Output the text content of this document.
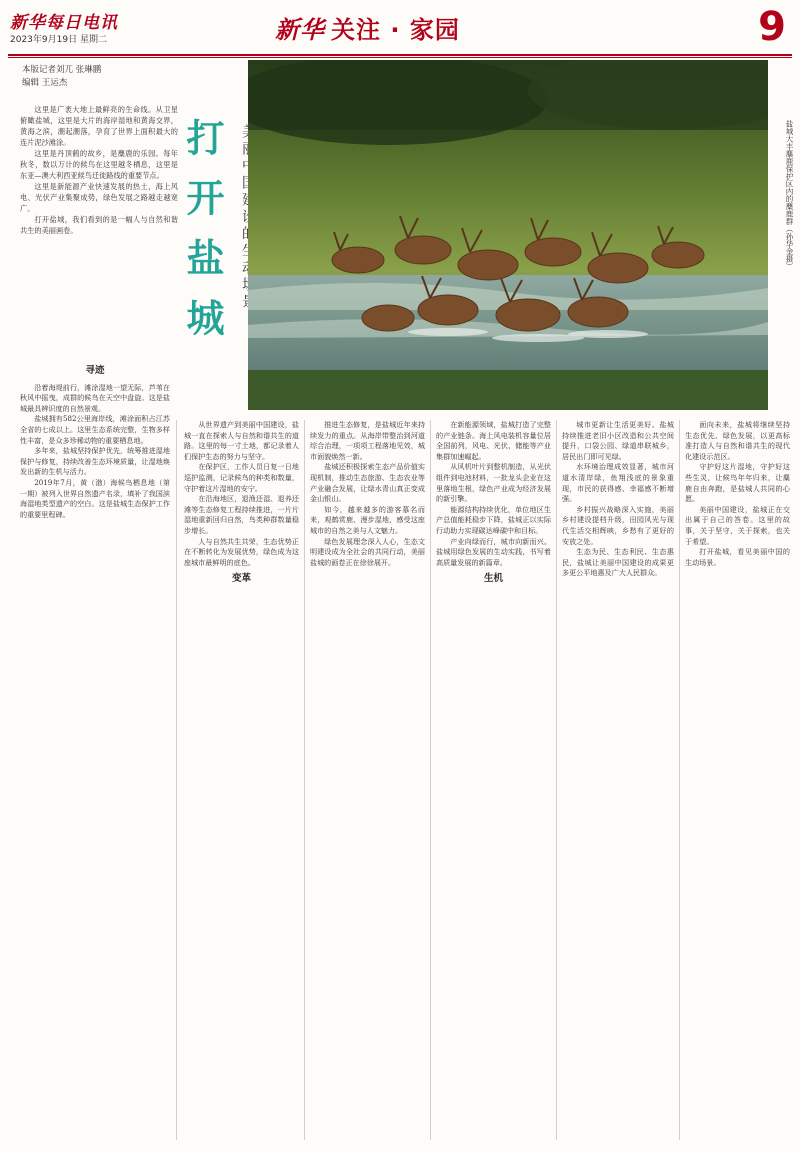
新华每日电讯
2023年9月19日 星期二	新华 关注 · 家园	9
本版记者刘兀 张琳鹏
编辑 王运杰

这里是广袤大地上最鲜亮的生命线。从卫星俯瞰盐城，这里是大片的海岸湿地和黄海交界，黄海之滨，潮起潮落，孕育了世界上面积最大的连片泥沙滩涂。

这里是丹顶鹤的故乡，是麋鹿的乐园。每年秋冬，数以万计的候鸟在这里越冬栖息，这里是东亚—澳大利西亚候鸟迁徙路线的重要节点。

这里是新能源产业快速发展的热土，海上风电、光伏产业集聚成势，绿色发展之路越走越宽广。

打开盐城，我们看到的是一幅人与自然和谐共生的美丽画卷。	打开盐城	盐城大丰麋鹿保护区内的麋鹿群（孙华金摄）
寻迹

沿着海堤前行，滩涂湿地一望无际，芦苇在秋风中摇曳，成群的候鸟在天空中盘旋。这是盐城最具辨识度的自然景观。

盐城拥有582公里海岸线，滩涂面积占江苏全省的七成以上。这里生态系统完整，生物多样性丰富，是众多珍稀动物的重要栖息地。

多年来，盐城坚持保护优先，统筹推进湿地保护与修复，持续改善生态环境质量，让湿地焕发出新的生机与活力。

2019年7月，黄（渤）海候鸟栖息地（第一期）被列入世界自然遗产名录，填补了我国滨海湿地类型遗产的空白。这是盐城生态保护工作的重要里程碑。

从世界遗产到美丽中国建设，盐城一直在探索人与自然和谐共生的道路。这里的每一寸土地，都记录着人们保护生态的努力与坚守。

在保护区，工作人员日复一日地巡护监测，记录候鸟的种类和数量，守护着这片湿地的安宁。

在沿海地区，退渔还湿、退养还滩等生态修复工程持续推进，一片片湿地重新回归自然，鸟类种群数量稳步增长。

人与自然共生共荣，生态优势正在不断转化为发展优势，绿色成为这座城市最鲜明的底色。

变革

推进生态修复，是盐城近年来持续发力的重点。从海岸带整治到河道综合治理，一项项工程落地见效，城市面貌焕然一新。

盐城还积极探索生态产品价值实现机制，推动生态旅游、生态农业等产业融合发展，让绿水青山真正变成金山银山。

如今，越来越多的游客慕名而来，观鹤赏鹿、漫步湿地，感受这座城市的自然之美与人文魅力。

绿色发展理念深入人心，生态文明建设成为全社会的共同行动，美丽盐城的画卷正在徐徐展开。

在新能源领域，盐城打造了完整的产业链条。海上风电装机容量位居全国前列，风电、光伏、储能等产业集群加速崛起。

从风机叶片到整机制造，从光伏组件到电池材料，一批龙头企业在这里落地生根，绿色产业成为经济发展的新引擎。

能源结构持续优化，单位地区生产总值能耗稳步下降，盐城正以实际行动助力实现碳达峰碳中和目标。

产业向绿而行，城市向新而兴。盐城用绿色发展的生动实践，书写着高质量发展的新篇章。

生机

城市更新让生活更美好。盐城持续推进老旧小区改造和公共空间提升，口袋公园、绿道串联城乡，居民出门即可见绿。

水环境治理成效显著，城市河道水清岸绿，鱼翔浅底的景象重现，市民的获得感、幸福感不断增强。

乡村振兴战略深入实施，美丽乡村建设提档升级，田园风光与现代生活交相辉映，乡愁有了更好的安放之处。

生态为民、生态利民、生态惠民，盐城让美丽中国建设的成果更多更公平地惠及广大人民群众。

面向未来，盐城将继续坚持生态优先、绿色发展，以更高标准打造人与自然和谐共生的现代化建设示范区。

守护好这片湿地，守护好这些生灵，让候鸟年年归来，让麋鹿自由奔跑，是盐城人共同的心愿。

美丽中国建设，盐城正在交出属于自己的答卷。这里的故事，关于坚守，关于探索，也关于希望。

打开盐城，看见美丽中国的生动场景。
